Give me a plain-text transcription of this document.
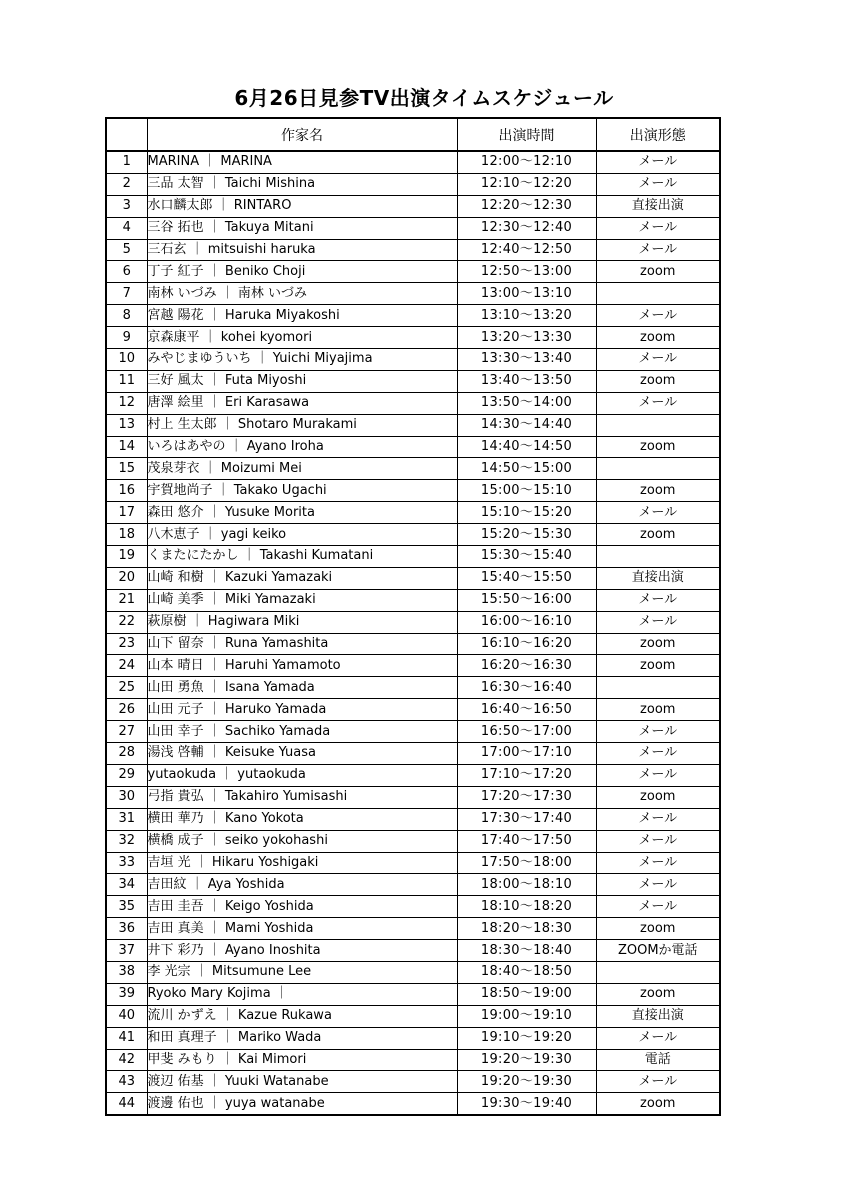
6月26日見参TV出演タイムスケジュール
	作家名	出演時間	出演形態
1	MARINA ｜ MARINA	12:00〜12:10	メール
2	三品 太智 ｜ Taichi Mishina	12:10〜12:20	メール
3	水口麟太郎 ｜ RINTARO	12:20〜12:30	直接出演
4	三谷 拓也 ｜ Takuya Mitani	12:30〜12:40	メール
5	三石玄 ｜ mitsuishi haruka	12:40〜12:50	メール
6	丁子 紅子 ｜ Beniko Choji	12:50〜13:00	zoom
7	南林 いづみ ｜ 南林 いづみ	13:00〜13:10	
8	宮越 陽花 ｜ Haruka Miyakoshi	13:10〜13:20	メール
9	京森康平 ｜ kohei kyomori	13:20〜13:30	zoom
10	みやじまゆういち ｜ Yuichi Miyajima	13:30〜13:40	メール
11	三好 風太 ｜ Futa Miyoshi	13:40〜13:50	zoom
12	唐澤 絵里 ｜ Eri Karasawa	13:50〜14:00	メール
13	村上 生太郎 ｜ Shotaro Murakami	14:30〜14:40	
14	いろはあやの ｜ Ayano Iroha	14:40〜14:50	zoom
15	茂泉芽衣 ｜ Moizumi Mei	14:50〜15:00	
16	宇賀地尚子 ｜ Takako Ugachi	15:00〜15:10	zoom
17	森田 悠介 ｜ Yusuke Morita	15:10〜15:20	メール
18	八木恵子 ｜ yagi keiko	15:20〜15:30	zoom
19	くまたにたかし ｜ Takashi Kumatani	15:30〜15:40	
20	山崎 和樹 ｜ Kazuki Yamazaki	15:40〜15:50	直接出演
21	山崎 美季 ｜ Miki Yamazaki	15:50〜16:00	メール
22	萩原樹 ｜ Hagiwara Miki	16:00〜16:10	メール
23	山下 留奈 ｜ Runa Yamashita	16:10〜16:20	zoom
24	山本 晴日 ｜ Haruhi Yamamoto	16:20〜16:30	zoom
25	山田 勇魚 ｜ Isana Yamada	16:30〜16:40	
26	山田 元子 ｜ Haruko Yamada	16:40〜16:50	zoom
27	山田 幸子 ｜ Sachiko Yamada	16:50〜17:00	メール
28	湯浅 啓輔 ｜ Keisuke Yuasa	17:00〜17:10	メール
29	yutaokuda ｜ yutaokuda	17:10〜17:20	メール
30	弓指 貴弘 ｜ Takahiro Yumisashi	17:20〜17:30	zoom
31	横田 華乃 ｜ Kano Yokota	17:30〜17:40	メール
32	横橋 成子 ｜ seiko yokohashi	17:40〜17:50	メール
33	吉垣 光 ｜ Hikaru Yoshigaki	17:50〜18:00	メール
34	吉田紋 ｜ Aya Yoshida	18:00〜18:10	メール
35	吉田 圭吾 ｜ Keigo Yoshida	18:10〜18:20	メール
36	吉田 真美 ｜ Mami Yoshida	18:20〜18:30	zoom
37	井下 彩乃 ｜ Ayano Inoshita	18:30〜18:40	ZOOMか電話
38	李 光宗 ｜ Mitsumune Lee	18:40〜18:50	
39	Ryoko Mary Kojima ｜	18:50〜19:00	zoom
40	流川 かずえ ｜ Kazue Rukawa	19:00〜19:10	直接出演
41	和田 真理子 ｜ Mariko Wada	19:10〜19:20	メール
42	甲斐 みもり ｜ Kai Mimori	19:20〜19:30	電話
43	渡辺 佑基 ｜ Yuuki Watanabe	19:20〜19:30	メール
44	渡邊 佑也 ｜ yuya watanabe	19:30〜19:40	zoom
